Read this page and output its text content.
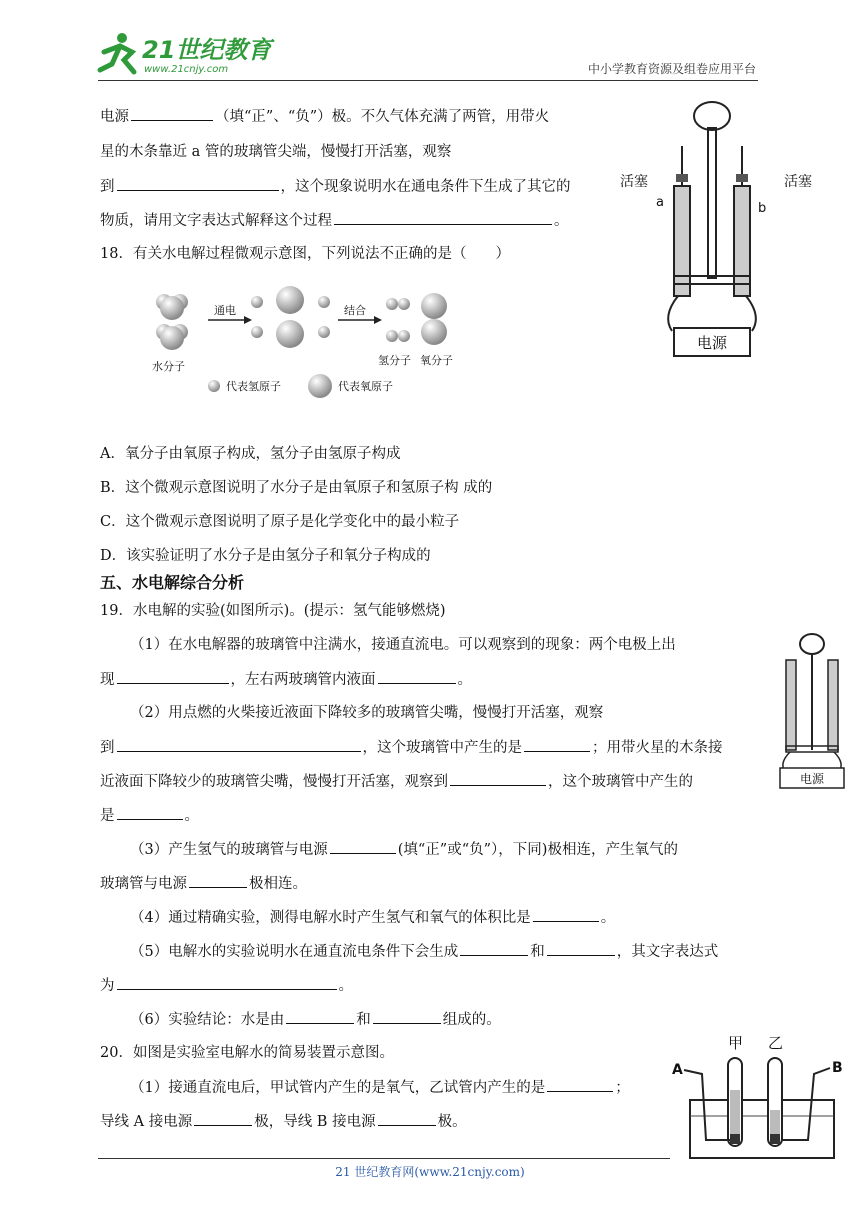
21世纪教育
www.21cnjy.com	中小学教育资源及组卷应用平台
电源	（填“正”、“负”）极。不久气体充满了两管，用带火
星的木条靠近 a 管的玻璃管尖端，慢慢打开活塞，观察
到	，这个现象说明水在通电条件下生成了其它的
物质，请用文字表达式解释这个过程	。
电源
活塞	活塞
a	b
18．有关水电解过程微观示意图，下列说法不正确的是（　　）
水分子
通电	结合
氢分子 氧分子
代表氢原子	代表氧原子
A．氧分子由氧原子构成，氢分子由氢原子构成
B．这个微观示意图说明了水分子是由氧原子和氢原子构 成的
C．这个微观示意图说明了原子是化学变化中的最小粒子
D．该实验证明了水分子是由氢分子和氧分子构成的
五、水电解综合分析
19．水电解的实验(如图所示)。(提示：氢气能够燃烧)
（1）在水电解器的玻璃管中注满水，接通直流电。可以观察到的现象：两个电极上出
现	，左右两玻璃管内液面	。
（2）用点燃的火柴接近液面下降较多的玻璃管尖嘴，慢慢打开活塞，观察
到	，这个玻璃管中产生的是	；用带火星的木条接
近液面下降较少的玻璃管尖嘴，慢慢打开活塞，观察到	，这个玻璃管中产生的
是	。
（3）产生氢气的玻璃管与电源	(填“正”或“负”），下同)极相连，产生氧气的
玻璃管与电源	极相连。
（4）通过精确实验，测得电解水时产生氢气和氧气的体积比是	。
（5）电解水的实验说明水在通直流电条件下会生成	和	，其文字表达式
为	。
（6）实验结论：水是由	和	组成的。
电源
20．如图是实验室电解水的简易装置示意图。
（1）接通直流电后，甲试管内产生的是氧气，乙试管内产生的是	；
导线 A 接电源	极，导线 B 接电源	极。
甲 乙
A	B
21 世纪教育网(www.21cnjy.com)
